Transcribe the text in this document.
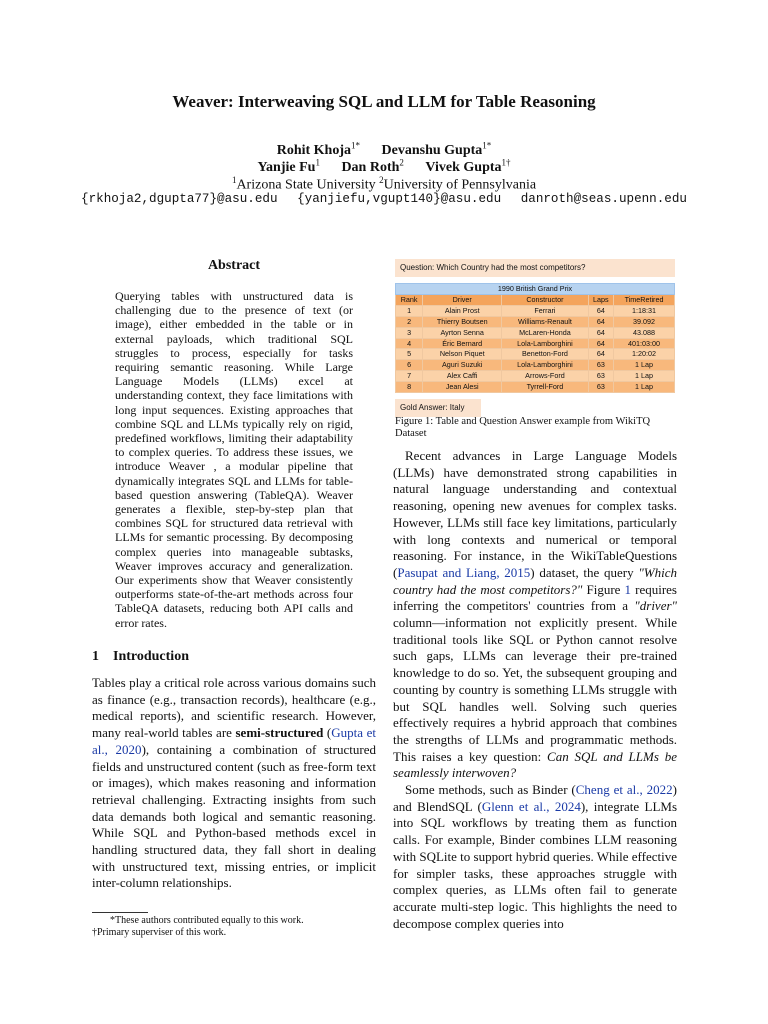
Weaver: Interweaving SQL and LLM for Table Reasoning
Rohit Khoja$^{1*}$ Devanshu Gupta$^{1*}$
Yanjie Fu$^1$ Dan Roth$^2$ Vivek Gupta$^{1\dagger}$
$^1$Arizona State University $^2$University of Pennsylvania
{rkhoja2,dgupta77}@asu.edu {yanjiefu,vgupt140}@asu.edu danroth@seas.upenn.edu
Abstract
Querying tables with unstructured data is challenging due to the presence of text (or image), either embedded in the table or in external payloads, which traditional SQL struggles to process, especially for tasks requiring semantic reasoning. While Large Language Models (LLMs) excel at understanding context, they face limitations with long input sequences. Existing approaches that combine SQL and LLMs typically rely on rigid, predefined workflows, limiting their adaptability to complex queries. To address these issues, we introduce Weaver , a modular pipeline that dynamically integrates SQL and LLMs for table-based question answering (TableQA). Weaver generates a flexible, step-by-step plan that combines SQL for structured data retrieval with LLMs for semantic processing. By decomposing complex queries into manageable subtasks, Weaver improves accuracy and generalization. Our experiments show that Weaver consistently outperforms state-of-the-art methods across four TableQA datasets, reducing both API calls and error rates.
1 Introduction
Tables play a critical role across various domains such as finance (e.g., transaction records), healthcare (e.g., medical reports), and scientific research. However, many real-world tables are semi-structured (Gupta et al., 2020), containing a combination of structured fields and unstructured content (such as free-form text or images), which makes reasoning and information retrieval challenging. Extracting insights from such data demands both logical and semantic reasoning. While SQL and Python-based methods excel in handling structured data, they fall short in dealing with unstructured text, missing entries, or implicit inter-column relationships.
*These authors contributed equally to this work.
†Primary superviser of this work.
Question: Which Country had the most competitors?
1990 British Grand Prix				
Rank	Driver	Constructor	Laps	TimeRetired
1	Alain Prost	Ferrari	64	1:18:31
2	Thierry Boutsen	Williams-Renault	64	39.092
3	Ayrton Senna	McLaren-Honda	64	43.088
4	Éric Bernard	Lola-Lamborghini	64	401:03:00
5	Nelson Piquet	Benetton-Ford	64	1:20:02
6	Aguri Suzuki	Lola-Lamborghini	63	1 Lap
7	Alex Caffi	Arrows-Ford	63	1 Lap
8	Jean Alesi	Tyrrell-Ford	63	1 Lap
Gold Answer: Italy
Figure 1: Table and Question Answer example from WikiTQ Dataset
Recent advances in Large Language Models (LLMs) have demonstrated strong capabilities in natural language understanding and contextual reasoning, opening new avenues for complex tasks. However, LLMs still face key limitations, particularly with long contexts and numerical or temporal reasoning. For instance, in the WikiTableQuestions (Pasupat and Liang, 2015) dataset, the query "Which country had the most competitors?" Figure 1 requires inferring the competitors' countries from a "driver" column—information not explicitly present. While traditional tools like SQL or Python cannot resolve such gaps, LLMs can leverage their pre-trained knowledge to do so. Yet, the subsequent grouping and counting by country is something LLMs struggle with but SQL handles well. Solving such queries effectively requires a hybrid approach that combines the strengths of LLMs and programmatic methods. This raises a key question: Can SQL and LLMs be seamlessly interwoven?
Some methods, such as Binder (Cheng et al., 2022) and BlendSQL (Glenn et al., 2024), integrate LLMs into SQL workflows by treating them as function calls. For example, Binder combines LLM reasoning with SQLite to support hybrid queries. While effective for simpler tasks, these approaches struggle with complex queries, as LLMs often fail to generate accurate multi-step logic. This highlights the need to decompose complex queries into
